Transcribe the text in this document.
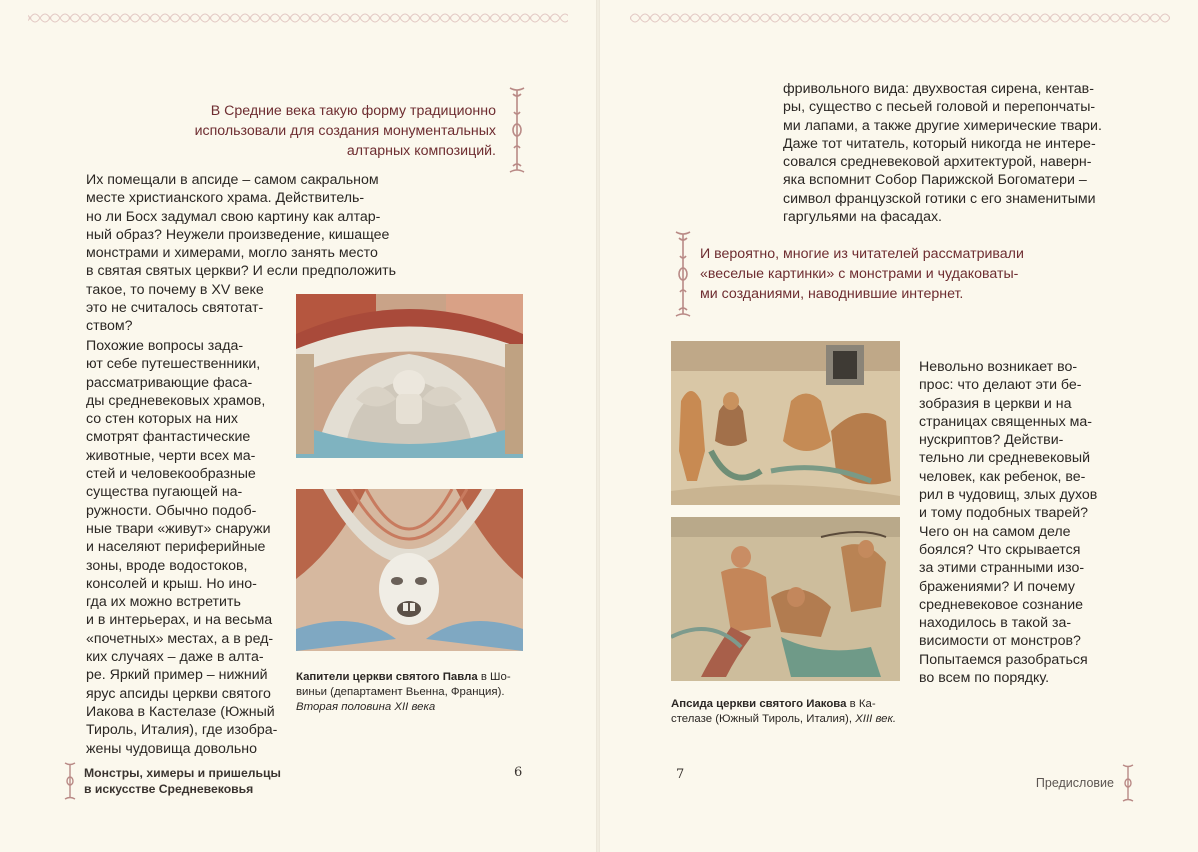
В Средние века такую форму традиционно

использовали для создания монументальных

алтарных композиций.

Их помещали в апсиде – самом сакральном

месте христианского храма. Действитель-

но ли Босх задумал свою картину как алтар-

ный образ? Неужели произведение, кишащее

монстрами и химерами, могло занять место

в святая святых церкви? И если предположить

такое, то почему в XV веке

это не считалось святотат-

ством?

Похожие вопросы зада-

ют себе путешественники,

рассматривающие фаса-

ды средневековых храмов,

со стен которых на них

смотрят фантастические

животные, черти всех ма-

стей и человекообразные

существа пугающей на-

ружности. Обычно подоб-

ные твари «живут» снаружи

и населяют периферийные

зоны, вроде водостоков,

консолей и крыш. Но ино-

гда их можно встретить

и в интерьерах, и на весьма

«почетных» местах, а в ред-

ких случаях – даже в алта-

ре. Яркий пример – нижний

ярус апсиды церкви святого

Иакова в Кастелазе (Южный

Тироль, Италия), где изобра-

жены чудовища довольно

Капители церкви святого Павла в Шо-
виньи (департамент Вьенна, Франция).
Вторая половина XII века
Монстры, химеры и пришельцы
в искусстве Средневековья
6

фривольного вида: двухвостая сирена, кентав-

ры, существо с песьей головой и перепончаты-

ми лапами, а также другие химерические твари.

Даже тот читатель, который никогда не интере-

совался средневековой архитектурой, наверн-

яка вспомнит Собор Парижской Богоматери –

символ французской готики с его знаменитыми

гаргульями на фасадах.

И вероятно, многие из читателей рассматривали

«веселые картинки» с монстрами и чудаковаты-

ми созданиями, наводнившие интернет.

Невольно возникает во-

прос: что делают эти бе-

зобразия в церкви и на

страницах священных ма-

нускриптов? Действи-

тельно ли средневековый

человек, как ребенок, ве-

рил в чудовищ, злых духов

и тому подобных тварей?

Чего он на самом деле

боялся? Что скрывается

за этими странными изо-

бражениями? И почему

средневековое сознание

находилось в такой за-

висимости от монстров?

Попытаемся разобраться

во всем по порядку.

Апсида церкви святого Иакова в Ка-
стелазе (Южный Тироль, Италия), XIII век.
7
Предисловие
